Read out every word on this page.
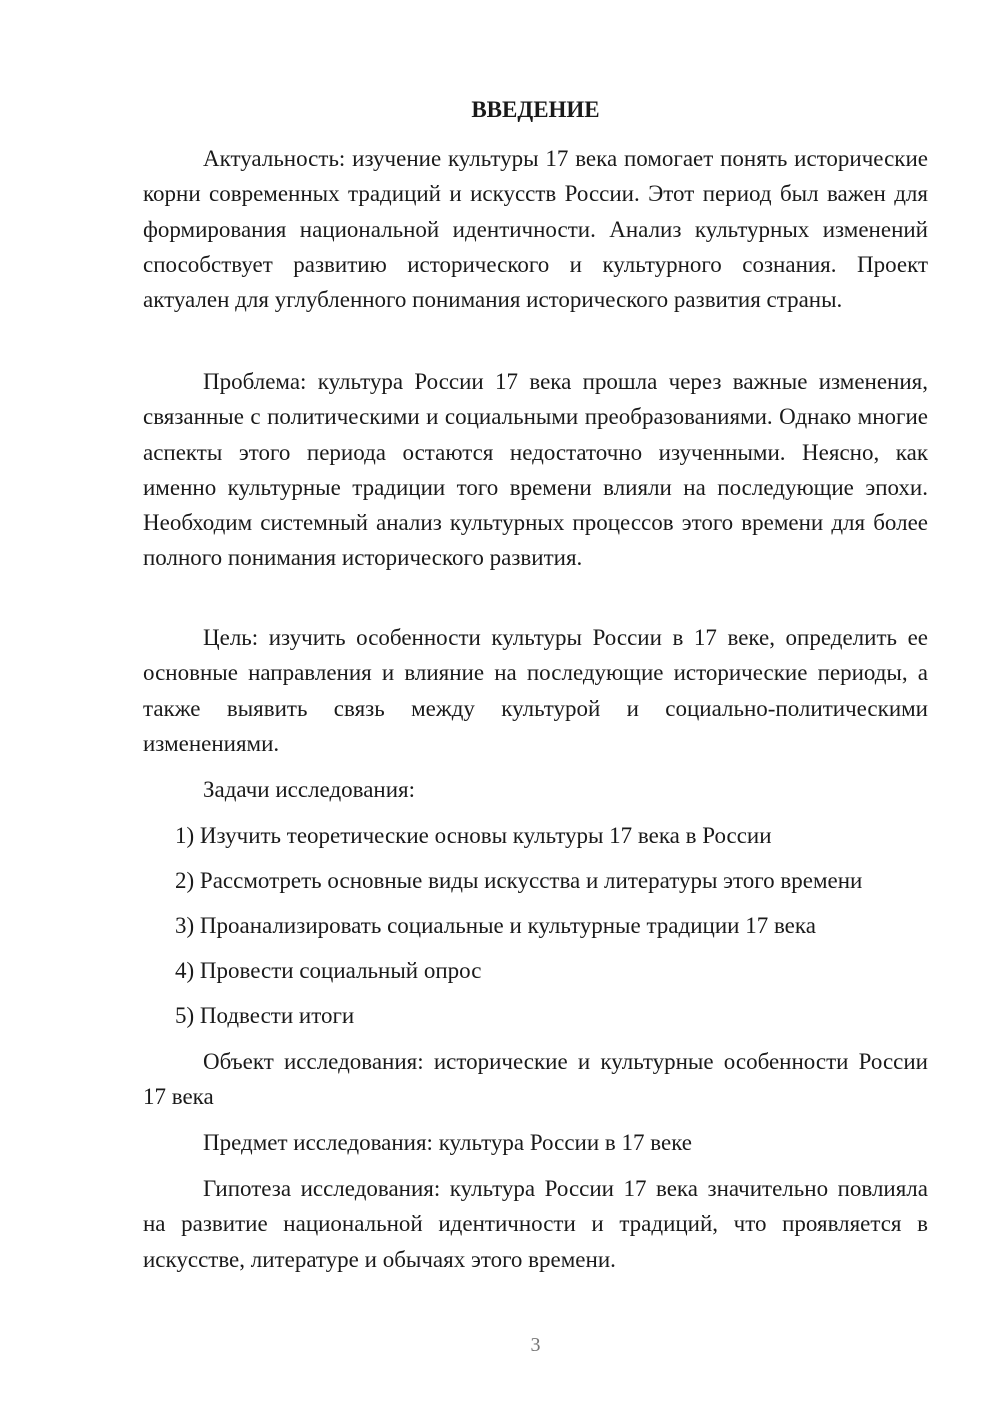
ВВЕДЕНИЕ

Актуальность: изучение культуры 17 века помогает понять исторические корни современных традиций и искусств России. Этот период был важен для формирования национальной идентичности. Анализ культурных изменений способствует развитию исторического и культурного сознания. Проект актуален для углубленного понимания исторического развития страны.

Проблема: культура России 17 века прошла через важные изменения, связанные с политическими и социальными преобразованиями. Однако многие аспекты этого периода остаются недостаточно изученными. Неясно, как именно культурные традиции того времени влияли на последующие эпохи. Необходим системный анализ культурных процессов этого времени для более полного понимания исторического развития.

Цель: изучить особенности культуры России в 17 веке, определить ее основные направления и влияние на последующие исторические периоды, а также выявить связь между культурой и социально-политическими изменениями.

Задачи исследования:

1) Изучить теоретические основы культуры 17 века в России

2) Рассмотреть основные виды искусства и литературы этого времени

3) Проанализировать социальные и культурные традиции 17 века

4) Провести социальный опрос

5) Подвести итоги

Объект исследования: исторические и культурные особенности России 17 века

Предмет исследования: культура России в 17 веке

Гипотеза исследования: культура России 17 века значительно повлияла на развитие национальной идентичности и традиций, что проявляется в искусстве, литературе и обычаях этого времени.

3
